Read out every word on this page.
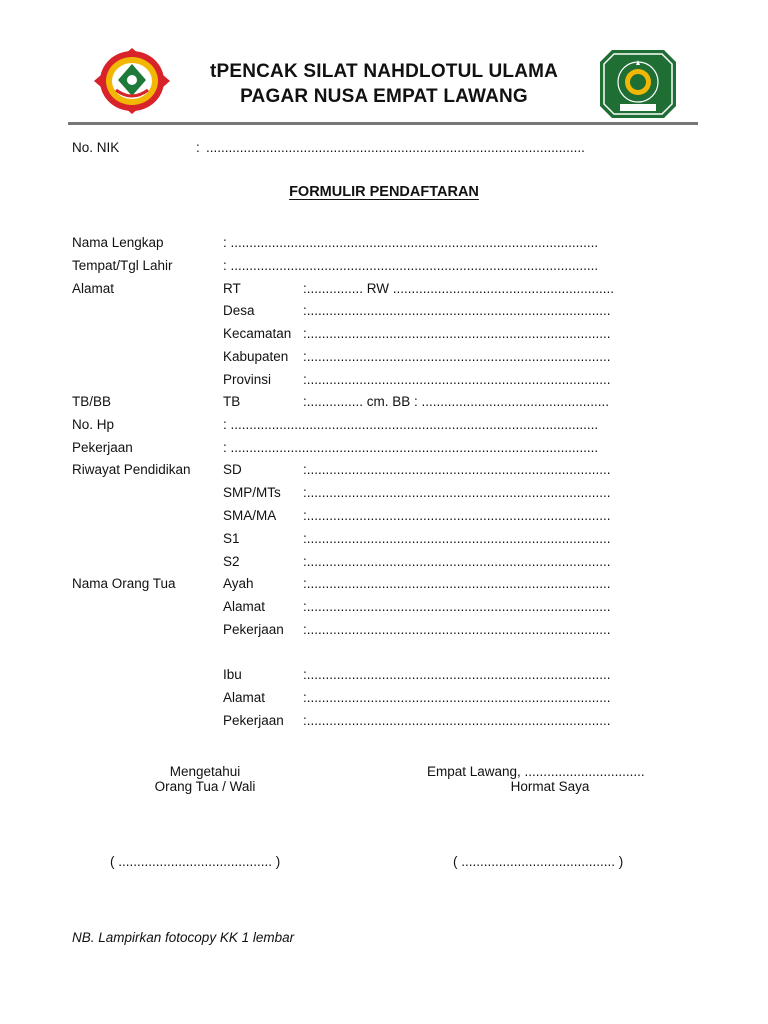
tPENCAK SILAT NAHDLOTUL ULAMA
PAGAR NUSA EMPAT LAWANG
No. NIK	: .....................................................................................................
FORMULIR PENDAFTARAN
Nama Lengkap	: ..................................................................................................
Tempat/Tgl Lahir	: ..................................................................................................
Alamat	RT	:............... RW ...........................................................
Desa	:.................................................................................
Kecamatan :.................................................................................
Kabupaten :.................................................................................
Provinsi :.................................................................................
TB/BB	TB	:............... cm. BB : ..................................................
No. Hp	: ..................................................................................................
Pekerjaan	: ..................................................................................................
Riwayat Pendidikan SD	:.................................................................................
SMP/MTs :.................................................................................
SMA/MA :.................................................................................
S1	:.................................................................................
S2	:.................................................................................
Nama Orang Tua	Ayah	:.................................................................................
Alamat	:.................................................................................
Pekerjaan :.................................................................................
Ibu	:.................................................................................
Alamat	:.................................................................................
Pekerjaan :.................................................................................
Mengetahui
Orang Tua / Wali
Empat Lawang, ................................
Hormat Saya
( ......................................... )	( ......................................... )
NB. Lampirkan fotocopy KK 1 lembar
